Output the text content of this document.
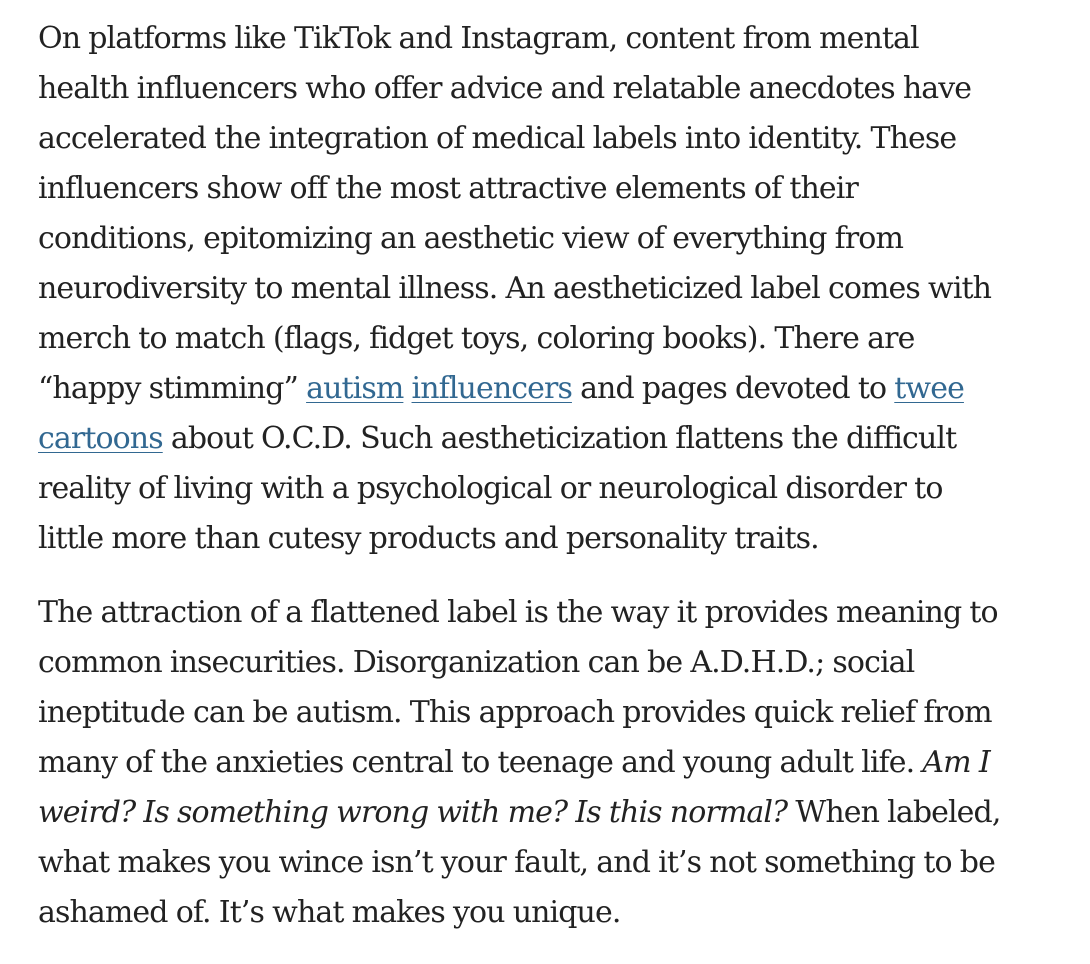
On platforms like TikTok and Instagram, content from mental
health influencers who offer advice and relatable anecdotes have
accelerated the integration of medical labels into identity. These
influencers show off the most attractive elements of their
conditions, epitomizing an aesthetic view of everything from
neurodiversity to mental illness. An aestheticized label comes with
merch to match (flags, fidget toys, coloring books). There are
“happy stimming” autism influencers and pages devoted to twee
cartoons about O.C.D. Such aestheticization flattens the difficult
reality of living with a psychological or neurological disorder to
little more than cutesy products and personality traits.

The attraction of a flattened label is the way it provides meaning to
common insecurities. Disorganization can be A.D.H.D.; social
ineptitude can be autism. This approach provides quick relief from
many of the anxieties central to teenage and young adult life. Am I
weird? Is something wrong with me? Is this normal? When labeled,
what makes you wince isn’t your fault, and it’s not something to be
ashamed of. It’s what makes you unique.
